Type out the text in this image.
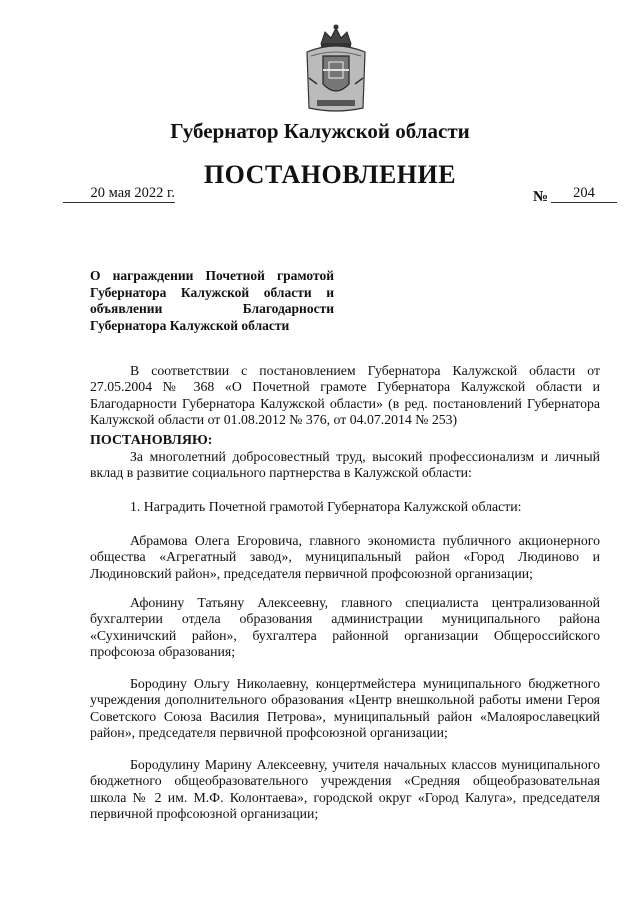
Губернатор Калужской области
ПОСТАНОВЛЕНИЕ
20 мая 2022 г.	№	204
О награждении Почетной грамотой Губернатора Калужской области и объявлении Благодарности Губернатора Калужской области
В соответствии с постановлением Губернатора Калужской области от 27.05.2004 № 368 «О Почетной грамоте Губернатора Калужской области и Благодарности Губернатора Калужской области» (в ред. постановлений Губернатора Калужской области от 01.08.2012 № 376, от 04.07.2014 № 253)
ПОСТАНОВЛЯЮ:
За многолетний добросовестный труд, высокий профессионализм и личный вклад в развитие социального партнерства в Калужской области:
1. Наградить Почетной грамотой Губернатора Калужской области:
Абрамова Олега Егоровича, главного экономиста публичного акционерного общества «Агрегатный завод», муниципальный район «Город Людиново и Людиновский район», председателя первичной профсоюзной организации;
Афонину Татьяну Алексеевну, главного специалиста централизованной бухгалтерии отдела образования администрации муниципального района «Сухиничский район», бухгалтера районной организации Общероссийского профсоюза образования;
Бородину Ольгу Николаевну, концертмейстера муниципального бюджетного учреждения дополнительного образования «Центр внешкольной работы имени Героя Советского Союза Василия Петрова», муниципальный район «Малоярославецкий район», председателя первичной профсоюзной организации;
Бородулину Марину Алексеевну, учителя начальных классов муниципального бюджетного общеобразовательного учреждения «Средняя общеобразовательная школа № 2 им. М.Ф. Колонтаева», городской округ «Город Калуга», председателя первичной профсоюзной организации;
